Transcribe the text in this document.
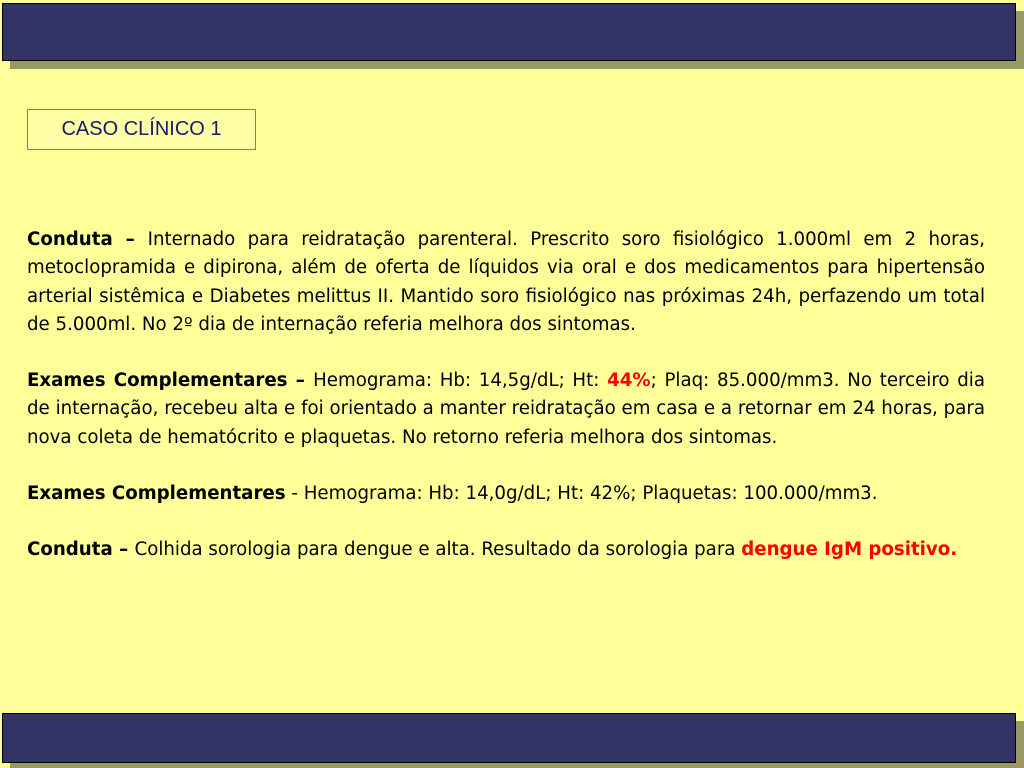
CASO CLÍNICO 1

Conduta – Internado para reidratação parenteral. Prescrito soro fisiológico 1.000ml em 2 horas, metoclopramida e dipirona, além de oferta de líquidos via oral e dos medicamentos para hipertensão arterial sistêmica e Diabetes melittus II. Mantido soro fisiológico nas próximas 24h, perfazendo um total de 5.000ml. No 2º dia de internação referia melhora dos sintomas.

Exames Complementares – Hemograma: Hb: 14,5g/dL; Ht: 44%; Plaq: 85.000/mm3. No terceiro dia de internação, recebeu alta e foi orientado a manter reidratação em casa e a retornar em 24 horas, para nova coleta de hematócrito e plaquetas. No retorno referia melhora dos sintomas.

Exames Complementares - Hemograma: Hb: 14,0g/dL; Ht: 42%; Plaquetas: 100.000/mm3.

Conduta – Colhida sorologia para dengue e alta. Resultado da sorologia para dengue IgM positivo.
